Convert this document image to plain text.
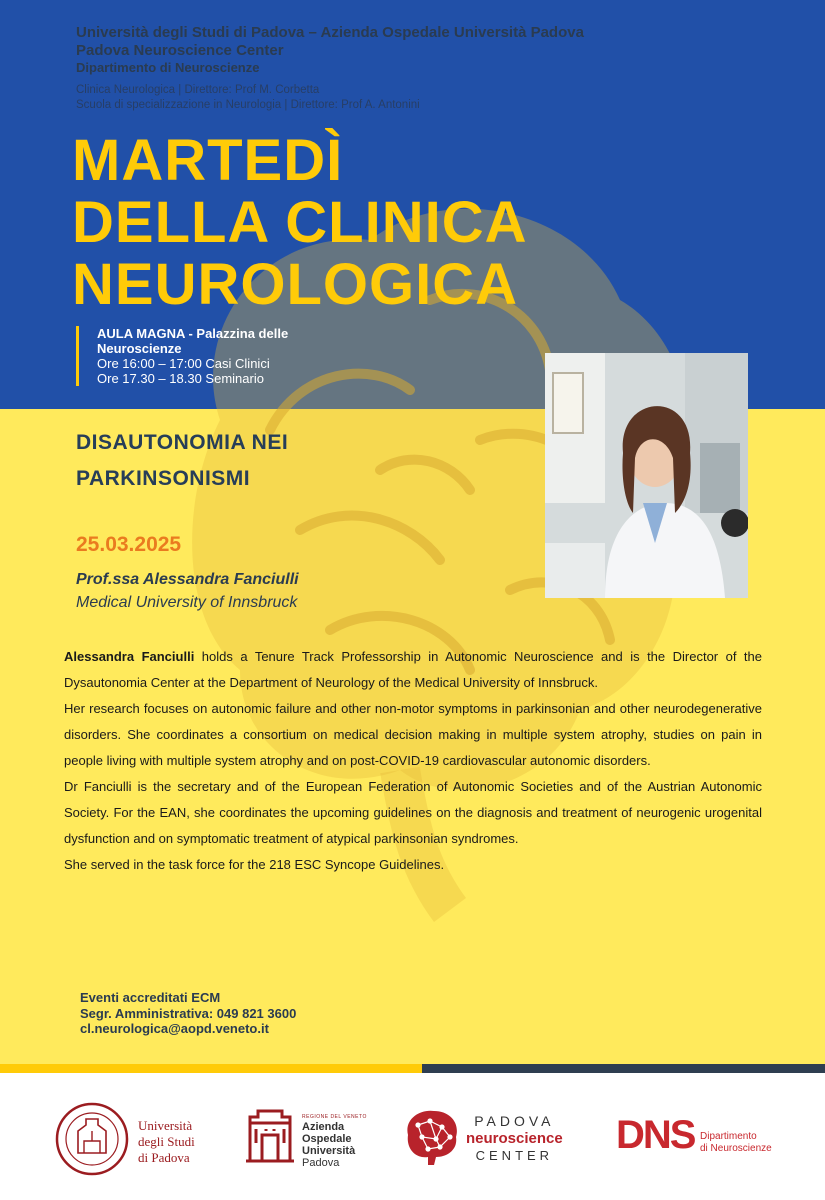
Università degli Studi di Padova – Azienda Ospedale Università Padova
Padova Neuroscience Center
Dipartimento di Neuroscienze
Clinica Neurologica | Direttore: Prof M. Corbetta
Scuola di specializzazione in Neurologia | Direttore: Prof A. Antonini
MARTEDÌ
DELLA CLINICA
NEUROLOGICA
AULA MAGNA - Palazzina delle
Neuroscienze
Ore 16:00 – 17:00 Casi Clinici
Ore 17.30 – 18.30 Seminario
DISAUTONOMIA NEI
PARKINSONISMI
25.03.2025
Prof.ssa Alessandra Fanciulli
Medical University of Innsbruck

Alessandra Fanciulli holds a Tenure Track Professorship in Autonomic Neuroscience and is the Director of the Dysautonomia Center at the Department of Neurology of the Medical University of Innsbruck.

Her research focuses on autonomic failure and other non-motor symptoms in parkinsonian and other neurodegenerative disorders. She coordinates a consortium on medical decision making in multiple system atrophy, studies on pain in people living with multiple system atrophy and on post-COVID-19 cardiovascular autonomic disorders.

Dr Fanciulli is the secretary and of the European Federation of Autonomic Societies and of the Austrian Autonomic Society. For the EAN, she coordinates the upcoming guidelines on the diagnosis and treatment of neurogenic urogenital dysfunction and on symptomatic treatment of atypical parkinsonian syndromes.

She served in the task force for the 218 ESC Syncope Guidelines.

Eventi accreditati ECM
Segr. Amministrativa: 049 821 3600
cl.neurologica@aopd.veneto.it
Università
degli Studi
di Padova
REGIONE DEL VENETO
Azienda
Ospedale
Università
Padova
PADOVA
neuroscience
CENTER DNS Dipartimento
di Neuroscienze
